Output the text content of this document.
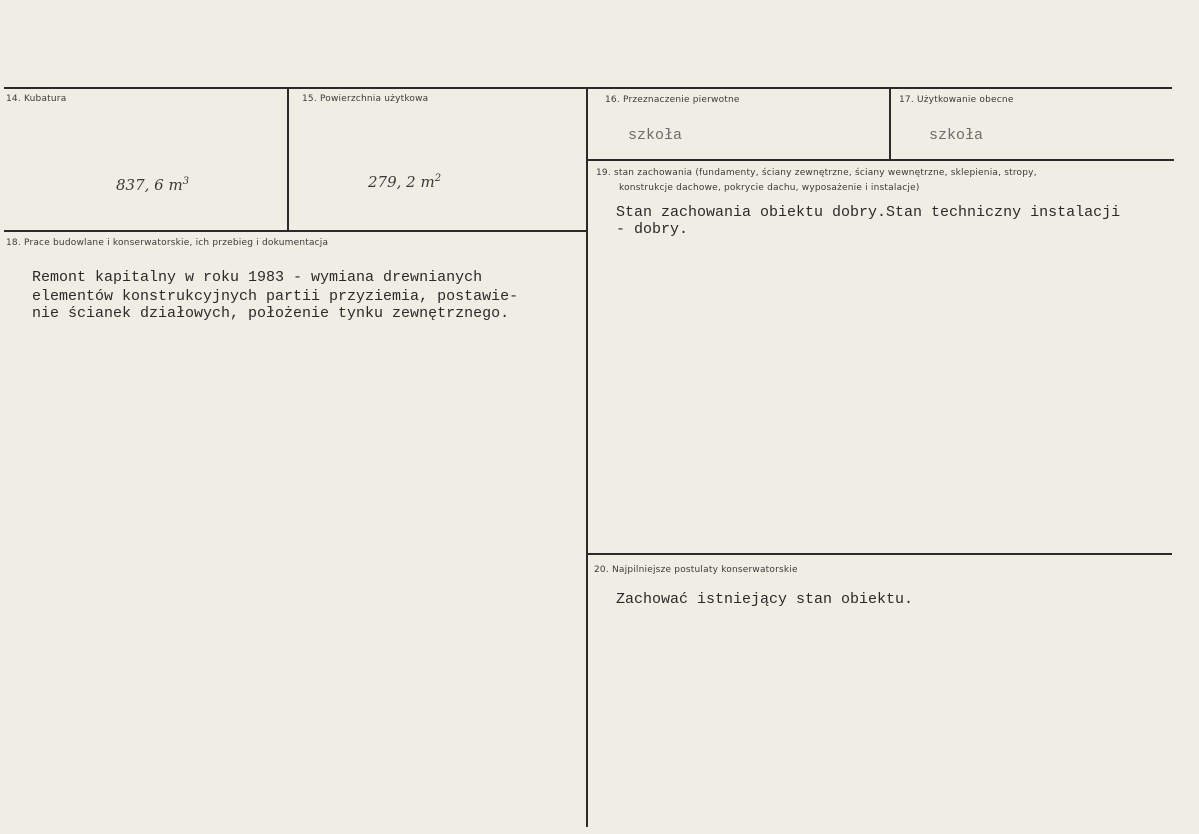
14. Kubatura
837, 6 $m^3$
15. Powierzchnia użytkowa
279, 2 $m^2$
16. Przeznaczenie pierwotne
szkoła
17. Użytkowanie obecne
szkoła
18. Prace budowlane i konserwatorskie, ich przebieg i dokumentacja
Remont kapitalny w roku 1983 - wymiana drewnianych
elementów konstrukcyjnych partii przyziemia, postawie-
nie ścianek działowych, położenie tynku zewnętrznego.
19. stan zachowania (fundamenty, ściany zewnętrzne, ściany wewnętrzne, sklepienia, stropy,
konstrukcje dachowe, pokrycie dachu, wyposażenie i instalacje)
Stan zachowania obiektu dobry.Stan techniczny instalacji
- dobry.
20. Najpilniejsze postulaty konserwatorskie
Zachować istniejący stan obiektu.
